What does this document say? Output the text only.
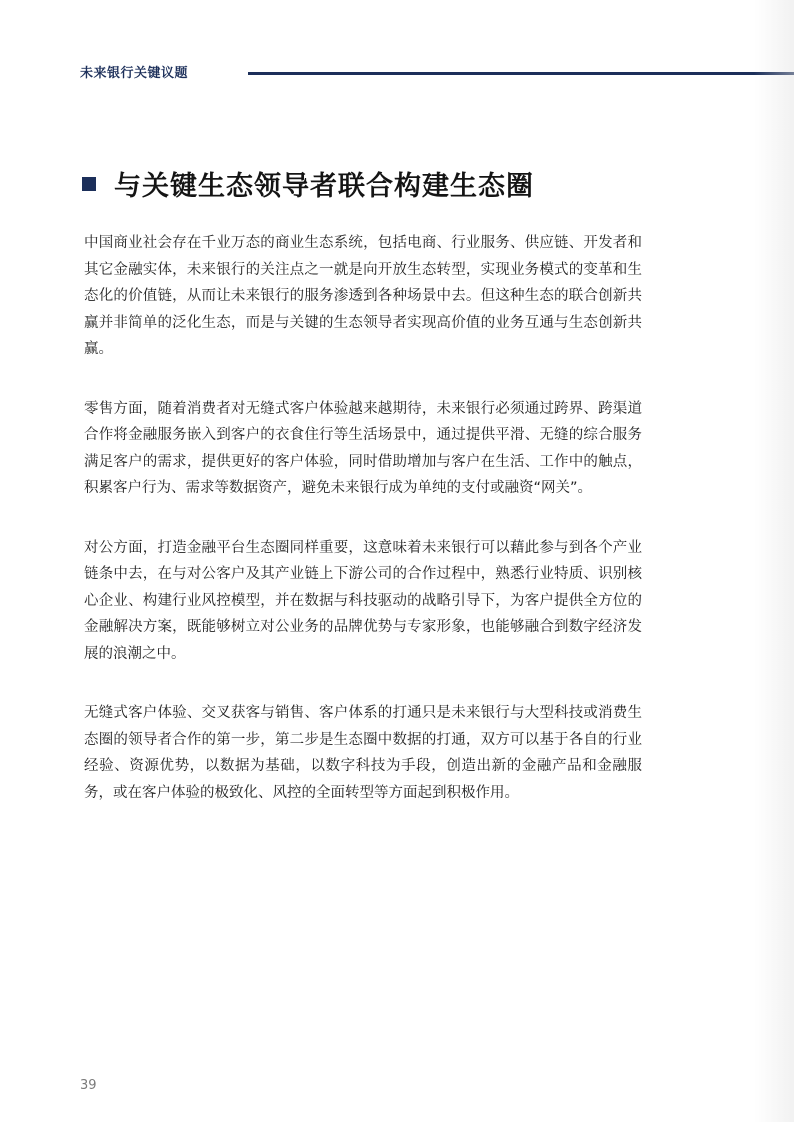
未来银行关键议题
与关键生态领导者联合构建生态圈

中国商业社会存在千业万态的商业生态系统，包括电商、行业服务、供应链、开发者和其它金融实体，未来银行的关注点之一就是向开放生态转型，实现业务模式的变革和生态化的价值链，从而让未来银行的服务渗透到各种场景中去。但这种生态的联合创新共赢并非简单的泛化生态，而是与关键的生态领导者实现高价值的业务互通与生态创新共赢。

零售方面，随着消费者对无缝式客户体验越来越期待，未来银行必须通过跨界、跨渠道合作将金融服务嵌入到客户的衣食住行等生活场景中，通过提供平滑、无缝的综合服务满足客户的需求，提供更好的客户体验，同时借助增加与客户在生活、工作中的触点，积累客户行为、需求等数据资产，避免未来银行成为单纯的支付或融资“网关”。

对公方面，打造金融平台生态圈同样重要，这意味着未来银行可以藉此参与到各个产业链条中去，在与对公客户及其产业链上下游公司的合作过程中，熟悉行业特质、识别核心企业、构建行业风控模型，并在数据与科技驱动的战略引导下，为客户提供全方位的金融解决方案，既能够树立对公业务的品牌优势与专家形象，也能够融合到数字经济发展的浪潮之中。

无缝式客户体验、交叉获客与销售、客户体系的打通只是未来银行与大型科技或消费生态圈的领导者合作的第一步，第二步是生态圈中数据的打通，双方可以基于各自的行业经验、资源优势，以数据为基础，以数字科技为手段，创造出新的金融产品和金融服务，或在客户体验的极致化、风控的全面转型等方面起到积极作用。

39
